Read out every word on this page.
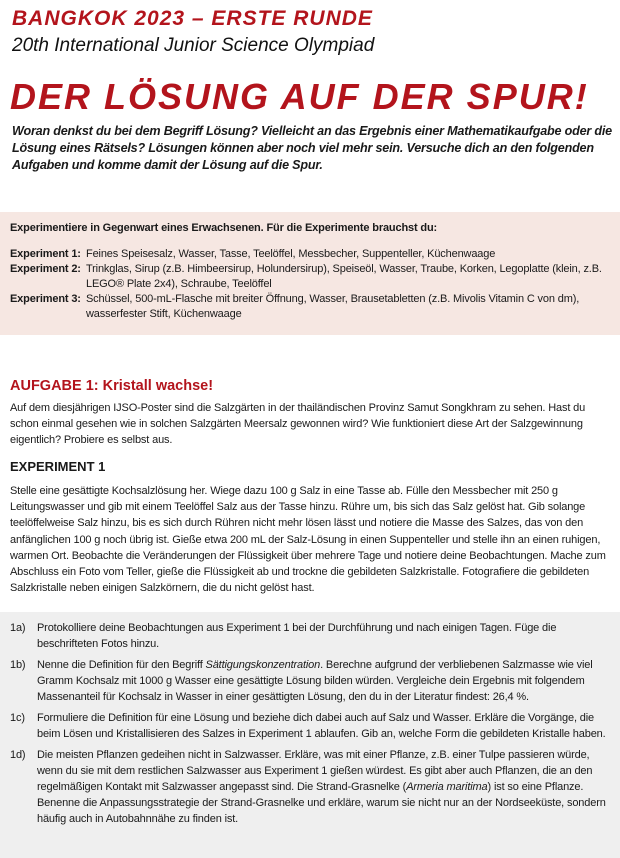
BANGKOK 2023 – ERSTE RUNDE
20th International Junior Science Olympiad
DER LÖSUNG AUF DER SPUR!
Woran denkst du bei dem Begriff Lösung? Vielleicht an das Ergebnis einer Mathematikaufgabe oder die Lösung eines Rätsels? Lösungen können aber noch viel mehr sein. Versuche dich an den folgenden Aufgaben und komme damit der Lösung auf die Spur.
Experimentiere in Gegenwart eines Erwachsenen. Für die Experimente brauchst du:
Experiment 1: Feines Speisesalz, Wasser, Tasse, Teelöffel, Messbecher, Suppenteller, Küchenwaage
Experiment 2: Trinkglas, Sirup (z.B. Himbeersirup, Holundersirup), Speiseöl, Wasser, Traube, Korken, Legoplatte (klein, z.B. LEGO® Plate 2x4), Schraube, Teelöffel
Experiment 3: Schüssel, 500-mL-Flasche mit breiter Öffnung, Wasser, Brausetabletten (z.B. Mivolis Vitamin C von dm), wasserfester Stift, Küchenwaage
AUFGABE 1: Kristall wachse!
Auf dem diesjährigen IJSO-Poster sind die Salzgärten in der thailändischen Provinz Samut Songkhram zu sehen. Hast du schon einmal gesehen wie in solchen Salzgärten Meersalz gewonnen wird? Wie funktioniert diese Art der Salzgewinnung eigentlich? Probiere es selbst aus.
EXPERIMENT 1
Stelle eine gesättigte Kochsalzlösung her. Wiege dazu 100 g Salz in eine Tasse ab. Fülle den Messbecher mit 250 g Leitungswasser und gib mit einem Teelöffel Salz aus der Tasse hinzu. Rühre um, bis sich das Salz gelöst hat. Gib solange teelöffelweise Salz hinzu, bis es sich durch Rühren nicht mehr lösen lässt und notiere die Masse des Salzes, das von den anfänglichen 100 g noch übrig ist. Gieße etwa 200 mL der Salz-Lösung in einen Suppenteller und stelle ihn an einen ruhigen, warmen Ort. Beobachte die Veränderungen der Flüssigkeit über mehrere Tage und notiere deine Beobachtungen. Mache zum Abschluss ein Foto vom Teller, gieße die Flüssigkeit ab und trockne die gebildeten Salzkristalle. Fotografiere die gebildeten Salzkristalle neben einigen Salzkörnern, die du nicht gelöst hast.
1a)	Protokolliere deine Beobachtungen aus Experiment 1 bei der Durchführung und nach einigen Tagen. Füge die beschrifteten Fotos hinzu.
1b)	Nenne die Definition für den Begriff Sättigungskonzentration. Berechne aufgrund der verbliebenen Salzmasse wie viel Gramm Kochsalz mit 1000 g Wasser eine gesättigte Lösung bilden würden. Vergleiche dein Ergebnis mit folgendem Massenanteil für Kochsalz in Wasser in einer gesättigten Lösung, den du in der Literatur findest: 26,4 %.
1c)	Formuliere die Definition für eine Lösung und beziehe dich dabei auch auf Salz und Wasser. Erkläre die Vorgänge, die beim Lösen und Kristallisieren des Salzes in Experiment 1 ablaufen. Gib an, welche Form die gebildeten Kristalle haben.
1d)	Die meisten Pflanzen gedeihen nicht in Salzwasser. Erkläre, was mit einer Pflanze, z.B. einer Tulpe passieren würde, wenn du sie mit dem restlichen Salzwasser aus Experiment 1 gießen würdest. Es gibt aber auch Pflanzen, die an den regelmäßigen Kontakt mit Salzwasser angepasst sind. Die Strand-Grasnelke (Armeria maritima) ist so eine Pflanze. Benenne die Anpassungsstrategie der Strand-Grasnelke und erkläre, warum sie nicht nur an der Nordseeküste, sondern häufig auch in Autobahnnähe zu finden ist.
